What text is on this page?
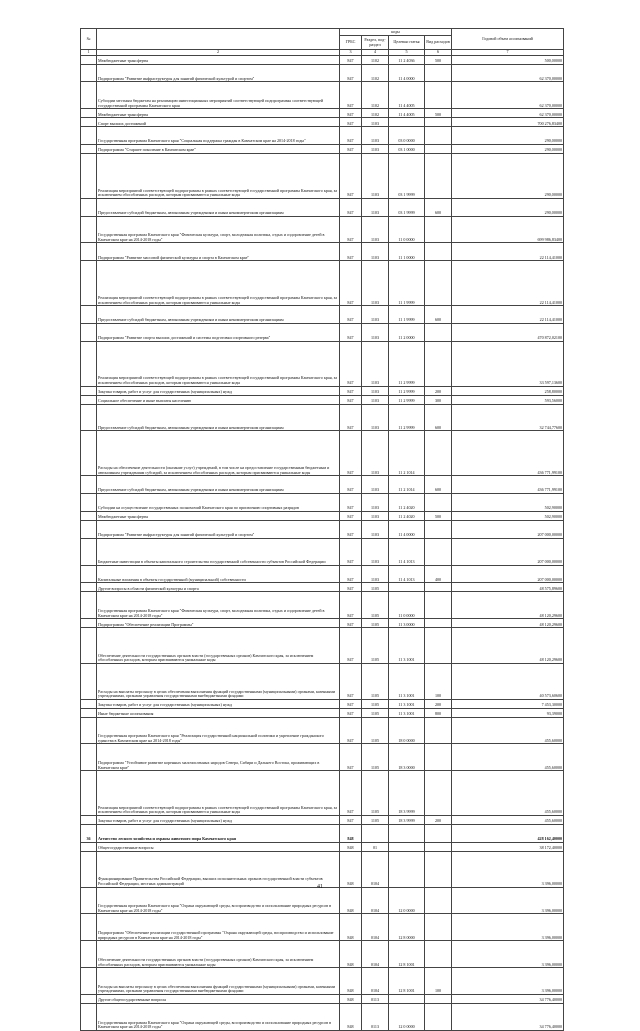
№		коды				Годовой объем ассигнований
		ГРБС	Раздел, под-раздел	Целевая статья	Вид расходов	
1	2	3	4	5	6	7
	Межбюджетные трансферты	847	1102	11 2 4036	500	500,00000
	Подпрограмма "Развитие инфраструктуры для занятий физической культурой и спортом"	847	1102	11 4 0000		62 370,00000
	Субсидии местным бюджетам на реализацию инвестиционных мероприятий соответствующей подпрограммы соответствующей государственной программы Камчатского края	847	1102	11 4 4005		62 370,00000
	Межбюджетные трансферты	847	1102	11 4 4005	500	62 370,00000
	Спорт высших достижений	847	1103			700 276,83400
	Государственная программа Камчатского края "Социальная поддержка граждан в Камчатском крае на 2014-2018 годы"	847	1103	03 0 0000		290,00000
	Подпрограмма "Старшее поколение в Камчатском крае"	847	1103	03 1 0000		290,00000
	Реализация мероприятий соответствующей подпрограммы в рамках соответствующей государственной программы Камчатского края, за исключением обособленных расходов, которым присваиваются уникальные коды	847	1103	03 1 9999		290,00000
	Предоставление субсидий бюджетным, автономным учреждениям и иным некоммерческим организациям	847	1103	03 1 9999	600	290,00000
	Государственная программа Камчатского края "Физическая культура, спорт, молодежная политика, отдых и оздоровление детей в Камчатском крае на 2014-2018 годы"	847	1103	11 0 0000		699 986,83400
	Подпрограмма "Развитие массовой физической культуры и спорта в Камчатском крае"	847	1103	11 1 0000		22 114,41000
	Реализация мероприятий соответствующей подпрограммы в рамках соответствующей государственной программы Камчатского края, за исключением обособленных расходов, которым присваиваются уникальные коды	847	1103	11 1 9999		22 114,41000
	Предоставление субсидий бюджетным, автономным учреждениям и иным некоммерческим организациям	847	1103	11 1 9999	600	22 114,41000
	Подпрограмма "Развитие спорта высших достижений и системы подготовки спортивного резерва"	847	1103	11 2 0000		470 872,02100
	Реализация мероприятий соответствующей подпрограммы в рамках соответствующей государственной программы Камчатского края, за исключением обособленных расходов, которым присваиваются уникальные коды	847	1103	11 2 9999		33 597,13600
	Закупка товаров, работ и услуг для государственных (муниципальных) нужд	847	1103	11 2 9999	200	258,80000
	Социальное обеспечение и иные выплаты населению	847	1103	11 2 9999	300	593,56000
	Предоставление субсидий бюджетным, автономным учреждениям и иным некоммерческим организациям	847	1103	11 2 9999	600	32 744,77600
	Расходы на обеспечение деятельности (оказание услуг) учреждений, в том числе на предоставление государственным бюджетным и автономным учреждениям субсидий, за исключением обособленных расходов, которым присваиваются уникальные коды	847	1103	11 2 1014		436 771,99100
	Предоставление субсидий бюджетным, автономным учреждениям и иным некоммерческим организациям	847	1103	11 2 1014	600	436 771,99100
	Субсидии на осуществление государственных полномочий Камчатского края по присвоению спортивных разрядов	847	1103	11 2 4020		502,90000
	Межбюджетные трансферты	847	1103	11 2 4020	500	502,90000
	Подпрограмма "Развитие инфраструктуры для занятий физической культурой и спортом"	847	1103	11 4 0000		207 000,00000
	Бюджетные инвестиции в объекты капитального строительства государственной собственности субъектов Российской Федерации	847	1103	11 4 1013		207 000,00000
	Капитальные вложения в объекты государственной (муниципальной) собственности	847	1103	11 4 1013	400	207 000,00000
	Другие вопросы в области физической культуры и спорта	847	1105			48 575,89600
	Государственная программа Камчатского края "Физическая культура, спорт, молодежная политика, отдых и оздоровление детей в Камчатском крае на 2014-2018 годы"	847	1105	11 0 0000		48 120,29600
	Подпрограмма "Обеспечение реализации Программы"	847	1105	11 3 0000		48 120,29600
	Обеспечение деятельности государственных органов власти (государственных органов) Камчатского края, за исключением обособленных расходов, которым присваиваются уникальные коды	847	1105	11 3 1001		48 120,29600
	Расходы на выплаты персоналу в целях обеспечения выполнения функций государственными (муниципальными) органами, казенными учреждениями, органами управления государственными внебюджетными фондами	847	1105	11 3 1001	100	40 573,60600
	Закупка товаров, работ и услуг для государственных (муниципальных) нужд	847	1105	11 3 1001	200	7 453,30000
	Иные бюджетные ассигнования	847	1105	11 3 1001	800	93,39000
	Государственная программа Камчатского края "Реализация государственной национальной политики и укрепление гражданского единства в Камчатском крае на 2014-2018 годы"	847	1105	18 0 0000		455,60000
	Подпрограмма "Устойчивое развитие коренных малочисленных народов Севера, Сибири и Дальнего Востока, проживающих в Камчатском крае"	847	1105	18 3 0000		455,60000
	Реализация мероприятий соответствующей подпрограммы в рамках соответствующей государственной программы Камчатского края, за исключением обособленных расходов, которым присваиваются уникальные коды	847	1105	18 3 9999		455,60000
	Закупка товаров, работ и услуг для государственных (муниципальных) нужд	847	1105	18 3 9999	200	455,60000
36	Агентство лесного хозяйства и охраны животного мира Камчатского края	848				428 162,40000
	Общегосударственные вопросы	848	01			38 172,40000
	Функционирование Правительства Российской Федерации, высших исполнительных органов государственной власти субъектов Российской Федерации, местных администраций	848	0104			3 396,00000
	Государственная программа Камчатского края "Охрана окружающей среды, воспроизводство и использование природных ресурсов в Камчатском крае на 2014-2018 годы"	848	0104	12 0 0000		3 396,00000
	Подпрограмма "Обеспечение реализации государственной программы "Охрана окружающей среды, воспроизводство и использование природных ресурсов в Камчатском крае на 2014-2018 годы"	848	0104	12 8 0000		3 396,00000
	Обеспечение деятельности государственных органов власти (государственных органов) Камчатского края, за исключением обособленных расходов, которым присваиваются уникальные коды	848	0104	12 8 1001		3 396,00000
	Расходы на выплаты персоналу в целях обеспечения выполнения функций государственными (муниципальными) органами, казенными учреждениями, органами управления государственными внебюджетными фондами	848	0104	12 8 1001	100	3 396,00000
	Другие общегосударственные вопросы	848	0113			34 776,40000
	Государственная программа Камчатского края "Охрана окружающей среды, воспроизводство и использование природных ресурсов в Камчатском крае на 2014-2018 годы"	848	0113	12 0 0000		34 776,40000
41
